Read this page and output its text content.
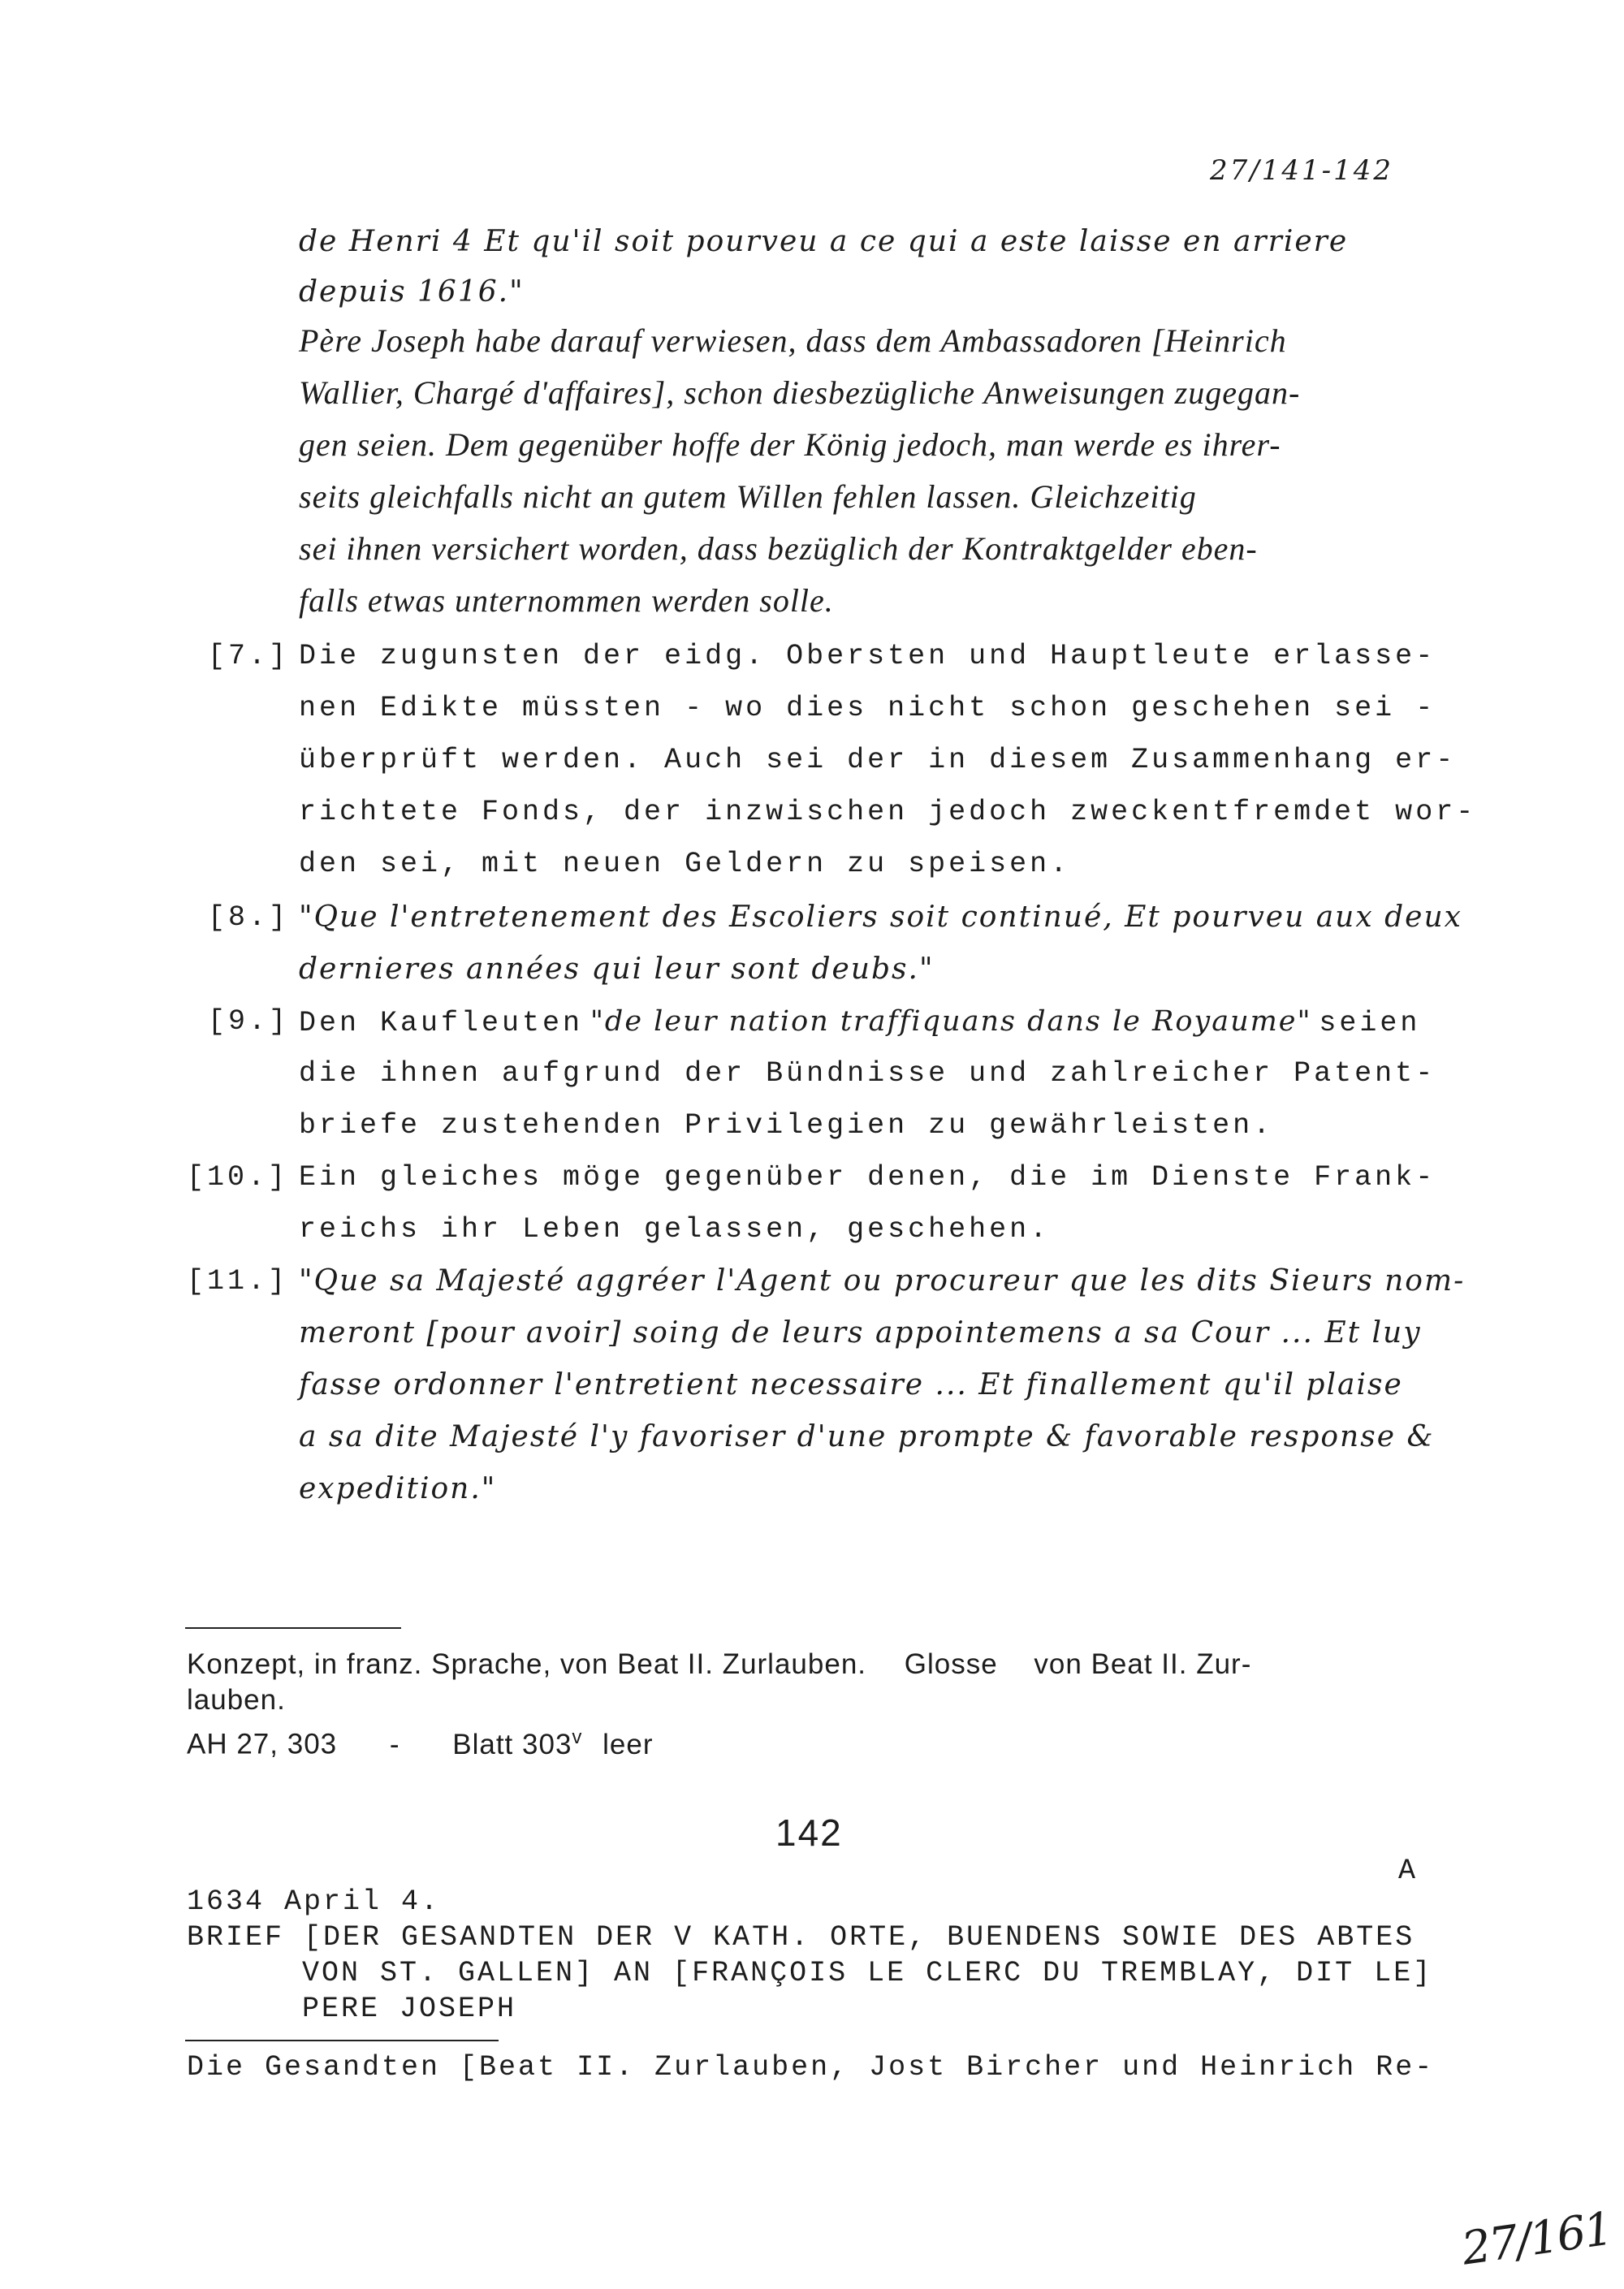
27/141-142
de Henri 4 Et qu'il soit pourveu a ce qui a este laisse en arriere
depuis 1616."
Père Joseph habe darauf verwiesen, dass dem Ambassadoren [Heinrich
Wallier, Chargé d'affaires], schon diesbezügliche Anweisungen zugegan-
gen seien. Dem gegenüber hoffe der König jedoch, man werde es ihrer-
seits gleichfalls nicht an gutem Willen fehlen lassen. Gleichzeitig
sei ihnen versichert worden, dass bezüglich der Kontraktgelder eben-
falls etwas unternommen werden solle.
[7.] Die zugunsten der eidg. Obersten und Hauptleute erlasse-
nen Edikte müssten - wo dies nicht schon geschehen sei -
überprüft werden. Auch sei der in diesem Zusammenhang er-
richtete Fonds, der inzwischen jedoch zweckentfremdet wor-
den sei, mit neuen Geldern zu speisen.
[8.] "Que l'entretenement des Escoliers soit continué, Et pourveu aux deux
dernieres années qui leur sont deubs."
[9.] Den Kaufleuten "de leur nation traffiquans dans le Royaume" seien
die ihnen aufgrund der Bündnisse und zahlreicher Patent-
briefe zustehenden Privilegien zu gewährleisten.
[10.] Ein gleiches möge gegenüber denen, die im Dienste Frank-
reichs ihr Leben gelassen, geschehen.
[11.] "Que sa Majesté aggréer l'Agent ou procureur que les dits Sieurs nom-
meront [pour avoir] soing de leurs appointemens a sa Cour ... Et luy
fasse ordonner l'entretient necessaire ... Et finallement qu'il plaise
a sa dite Majesté l'y favoriser d'une prompte & favorable response &
expedition."
Konzept, in franz. Sprache, von Beat II. Zurlauben. Glosse von Beat II. Zur-
lauben.
AH 27, 303 - Blatt 303$^v$ leer
142
A
1634 April 4.
BRIEF [DER GESANDTEN DER V KATH. ORTE, BUENDENS SOWIE DES ABTES
VON ST. GALLEN] AN [FRANÇOIS LE CLERC DU TREMBLAY, DIT LE]
PERE JOSEPH
Die Gesandten [Beat II. Zurlauben, Jost Bircher und Heinrich Re-
27/161
